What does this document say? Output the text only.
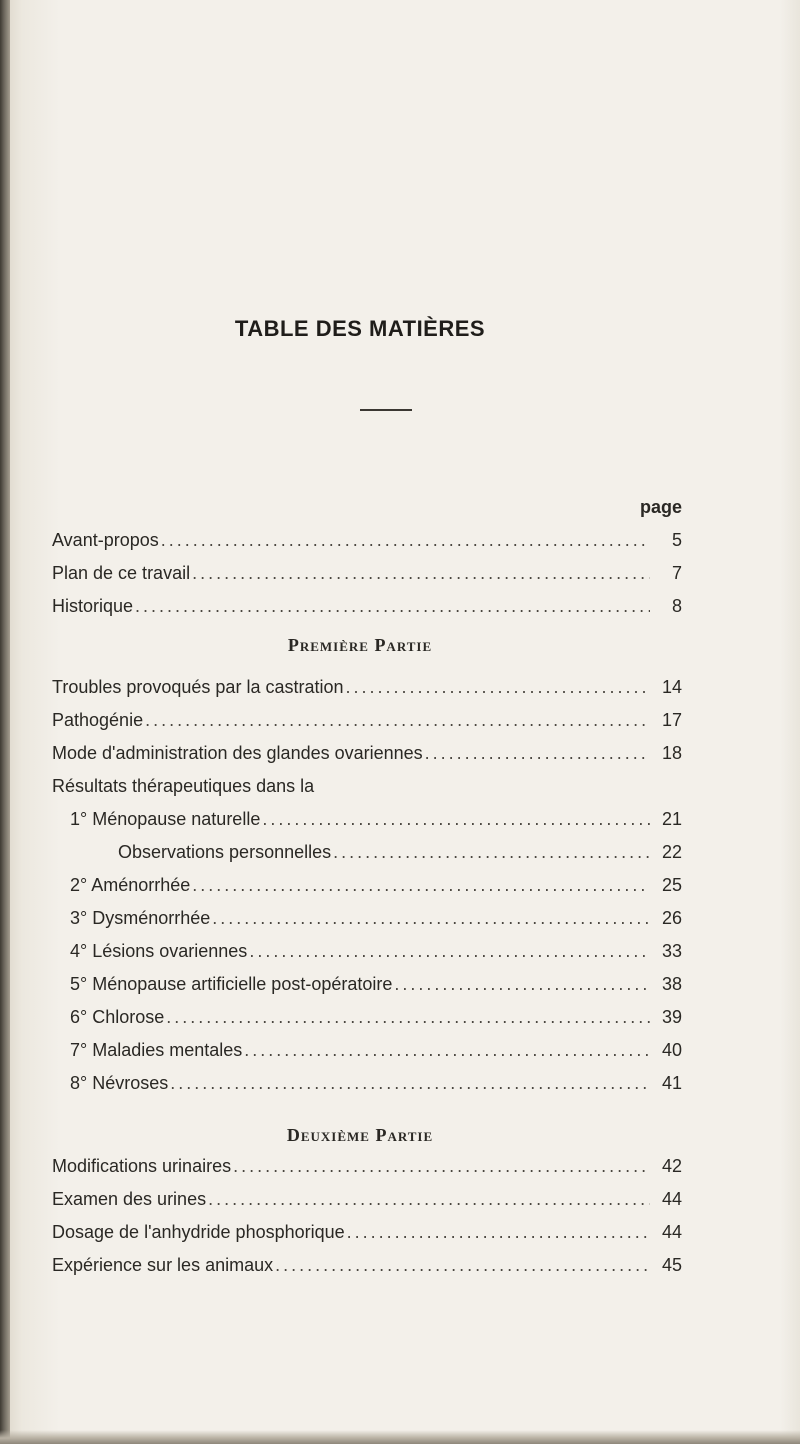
TABLE DES MATIÈRES
page
Avant-propos .....	5
Plan de ce travail .....	7
Historique .....	8
Première Partie
Troubles provoqués par la castration .....	14
Pathogénie .....	17
Mode d'administration des glandes ovariennes .....	18
Résultats thérapeutiques dans la
1° Ménopause naturelle .....	21
Observations personnelles .....	22
2° Aménorrhée .....	25
3° Dysménorrhée .....	26
4° Lésions ovariennes .....	33
5° Ménopause artificielle post-opératoire .....	38
6° Chlorose .....	39
7° Maladies mentales .....	40
8° Névroses .....	41
Deuxième Partie
Modifications urinaires .....	42
Examen des urines .....	44
Dosage de l'anhydride phosphorique .....	44
Expérience sur les animaux .....	45
